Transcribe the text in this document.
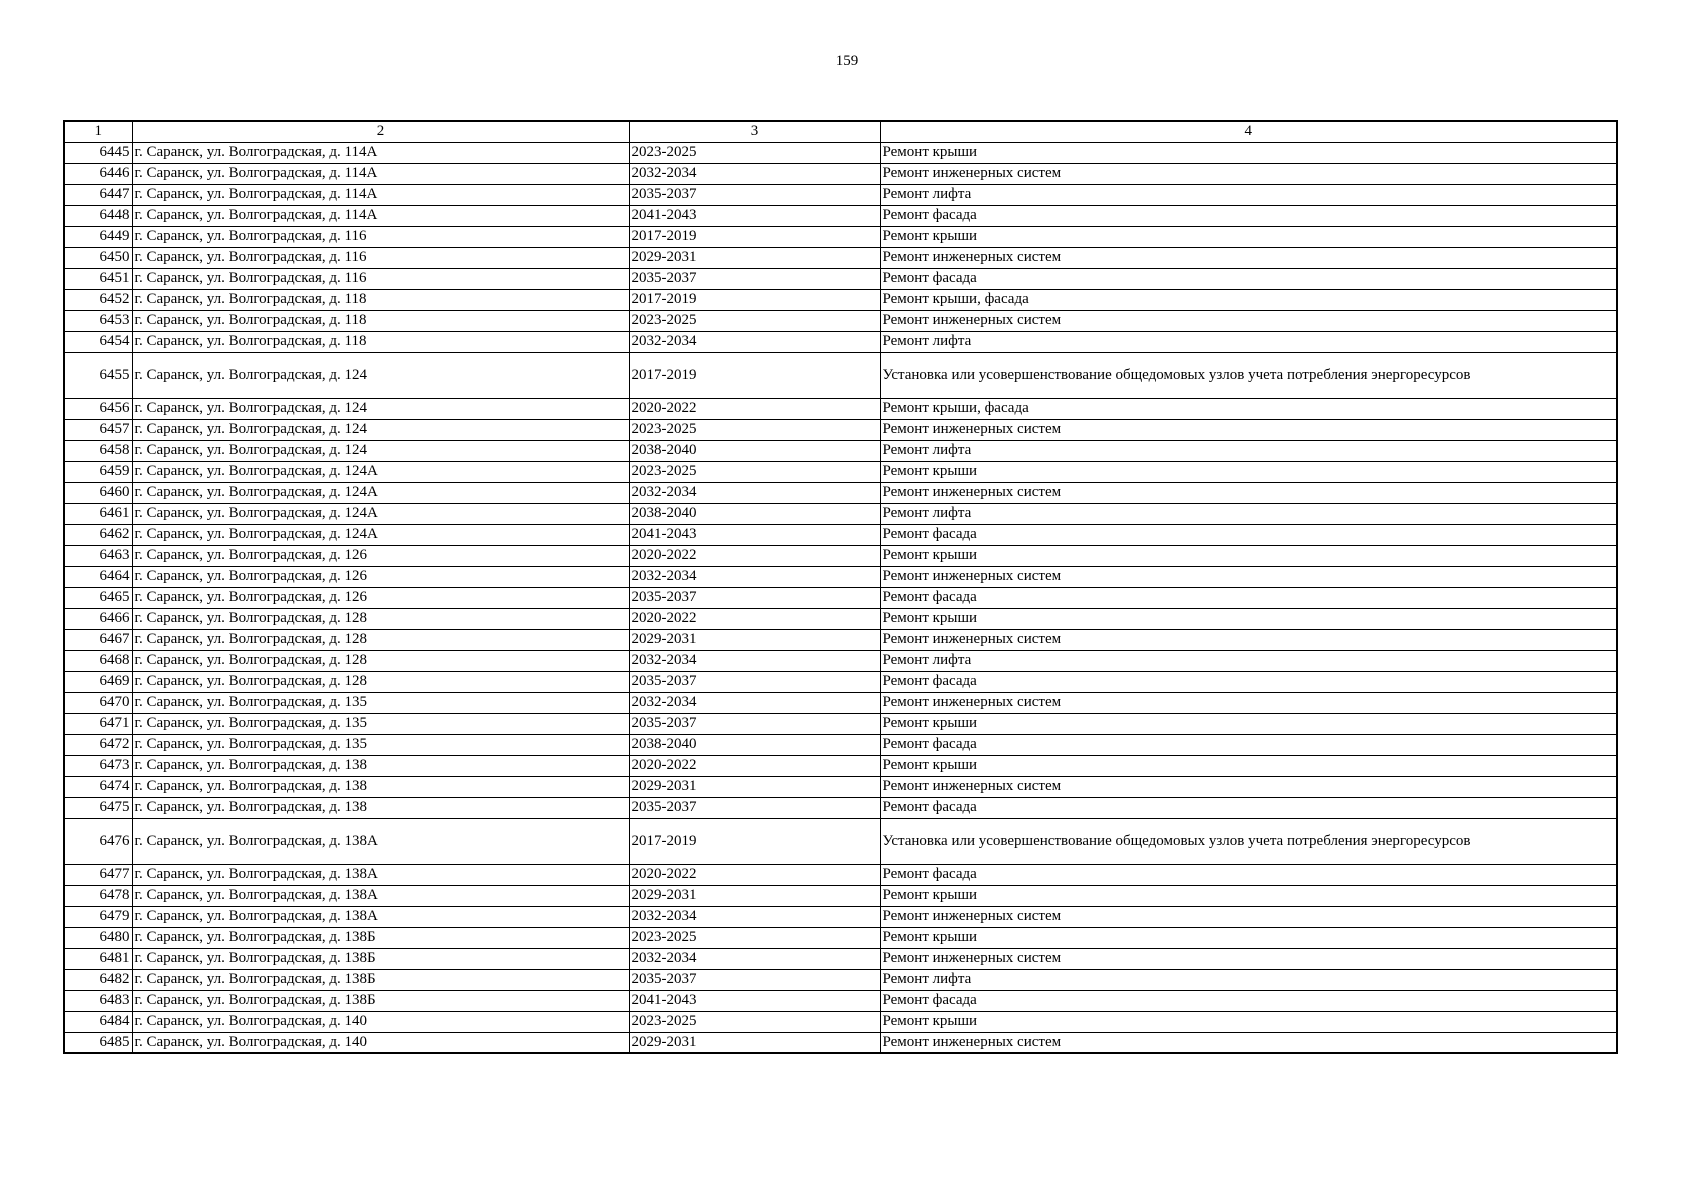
159
1	2	3	4
6445	г. Саранск, ул. Волгоградская, д. 114А	2023-2025	Ремонт крыши
6446	г. Саранск, ул. Волгоградская, д. 114А	2032-2034	Ремонт инженерных систем
6447	г. Саранск, ул. Волгоградская, д. 114А	2035-2037	Ремонт лифта
6448	г. Саранск, ул. Волгоградская, д. 114А	2041-2043	Ремонт фасада
6449	г. Саранск, ул. Волгоградская, д. 116	2017-2019	Ремонт крыши
6450	г. Саранск, ул. Волгоградская, д. 116	2029-2031	Ремонт инженерных систем
6451	г. Саранск, ул. Волгоградская, д. 116	2035-2037	Ремонт фасада
6452	г. Саранск, ул. Волгоградская, д. 118	2017-2019	Ремонт крыши, фасада
6453	г. Саранск, ул. Волгоградская, д. 118	2023-2025	Ремонт инженерных систем
6454	г. Саранск, ул. Волгоградская, д. 118	2032-2034	Ремонт лифта
6455	г. Саранск, ул. Волгоградская, д. 124	2017-2019	Установка или усовершенствование общедомовых узлов учета потребления энергоресурсов
6456	г. Саранск, ул. Волгоградская, д. 124	2020-2022	Ремонт крыши, фасада
6457	г. Саранск, ул. Волгоградская, д. 124	2023-2025	Ремонт инженерных систем
6458	г. Саранск, ул. Волгоградская, д. 124	2038-2040	Ремонт лифта
6459	г. Саранск, ул. Волгоградская, д. 124А	2023-2025	Ремонт крыши
6460	г. Саранск, ул. Волгоградская, д. 124А	2032-2034	Ремонт инженерных систем
6461	г. Саранск, ул. Волгоградская, д. 124А	2038-2040	Ремонт лифта
6462	г. Саранск, ул. Волгоградская, д. 124А	2041-2043	Ремонт фасада
6463	г. Саранск, ул. Волгоградская, д. 126	2020-2022	Ремонт крыши
6464	г. Саранск, ул. Волгоградская, д. 126	2032-2034	Ремонт инженерных систем
6465	г. Саранск, ул. Волгоградская, д. 126	2035-2037	Ремонт фасада
6466	г. Саранск, ул. Волгоградская, д. 128	2020-2022	Ремонт крыши
6467	г. Саранск, ул. Волгоградская, д. 128	2029-2031	Ремонт инженерных систем
6468	г. Саранск, ул. Волгоградская, д. 128	2032-2034	Ремонт лифта
6469	г. Саранск, ул. Волгоградская, д. 128	2035-2037	Ремонт фасада
6470	г. Саранск, ул. Волгоградская, д. 135	2032-2034	Ремонт инженерных систем
6471	г. Саранск, ул. Волгоградская, д. 135	2035-2037	Ремонт крыши
6472	г. Саранск, ул. Волгоградская, д. 135	2038-2040	Ремонт фасада
6473	г. Саранск, ул. Волгоградская, д. 138	2020-2022	Ремонт крыши
6474	г. Саранск, ул. Волгоградская, д. 138	2029-2031	Ремонт инженерных систем
6475	г. Саранск, ул. Волгоградская, д. 138	2035-2037	Ремонт фасада
6476	г. Саранск, ул. Волгоградская, д. 138А	2017-2019	Установка или усовершенствование общедомовых узлов учета потребления энергоресурсов
6477	г. Саранск, ул. Волгоградская, д. 138А	2020-2022	Ремонт фасада
6478	г. Саранск, ул. Волгоградская, д. 138А	2029-2031	Ремонт крыши
6479	г. Саранск, ул. Волгоградская, д. 138А	2032-2034	Ремонт инженерных систем
6480	г. Саранск, ул. Волгоградская, д. 138Б	2023-2025	Ремонт крыши
6481	г. Саранск, ул. Волгоградская, д. 138Б	2032-2034	Ремонт инженерных систем
6482	г. Саранск, ул. Волгоградская, д. 138Б	2035-2037	Ремонт лифта
6483	г. Саранск, ул. Волгоградская, д. 138Б	2041-2043	Ремонт фасада
6484	г. Саранск, ул. Волгоградская, д. 140	2023-2025	Ремонт крыши
6485	г. Саранск, ул. Волгоградская, д. 140	2029-2031	Ремонт инженерных систем
